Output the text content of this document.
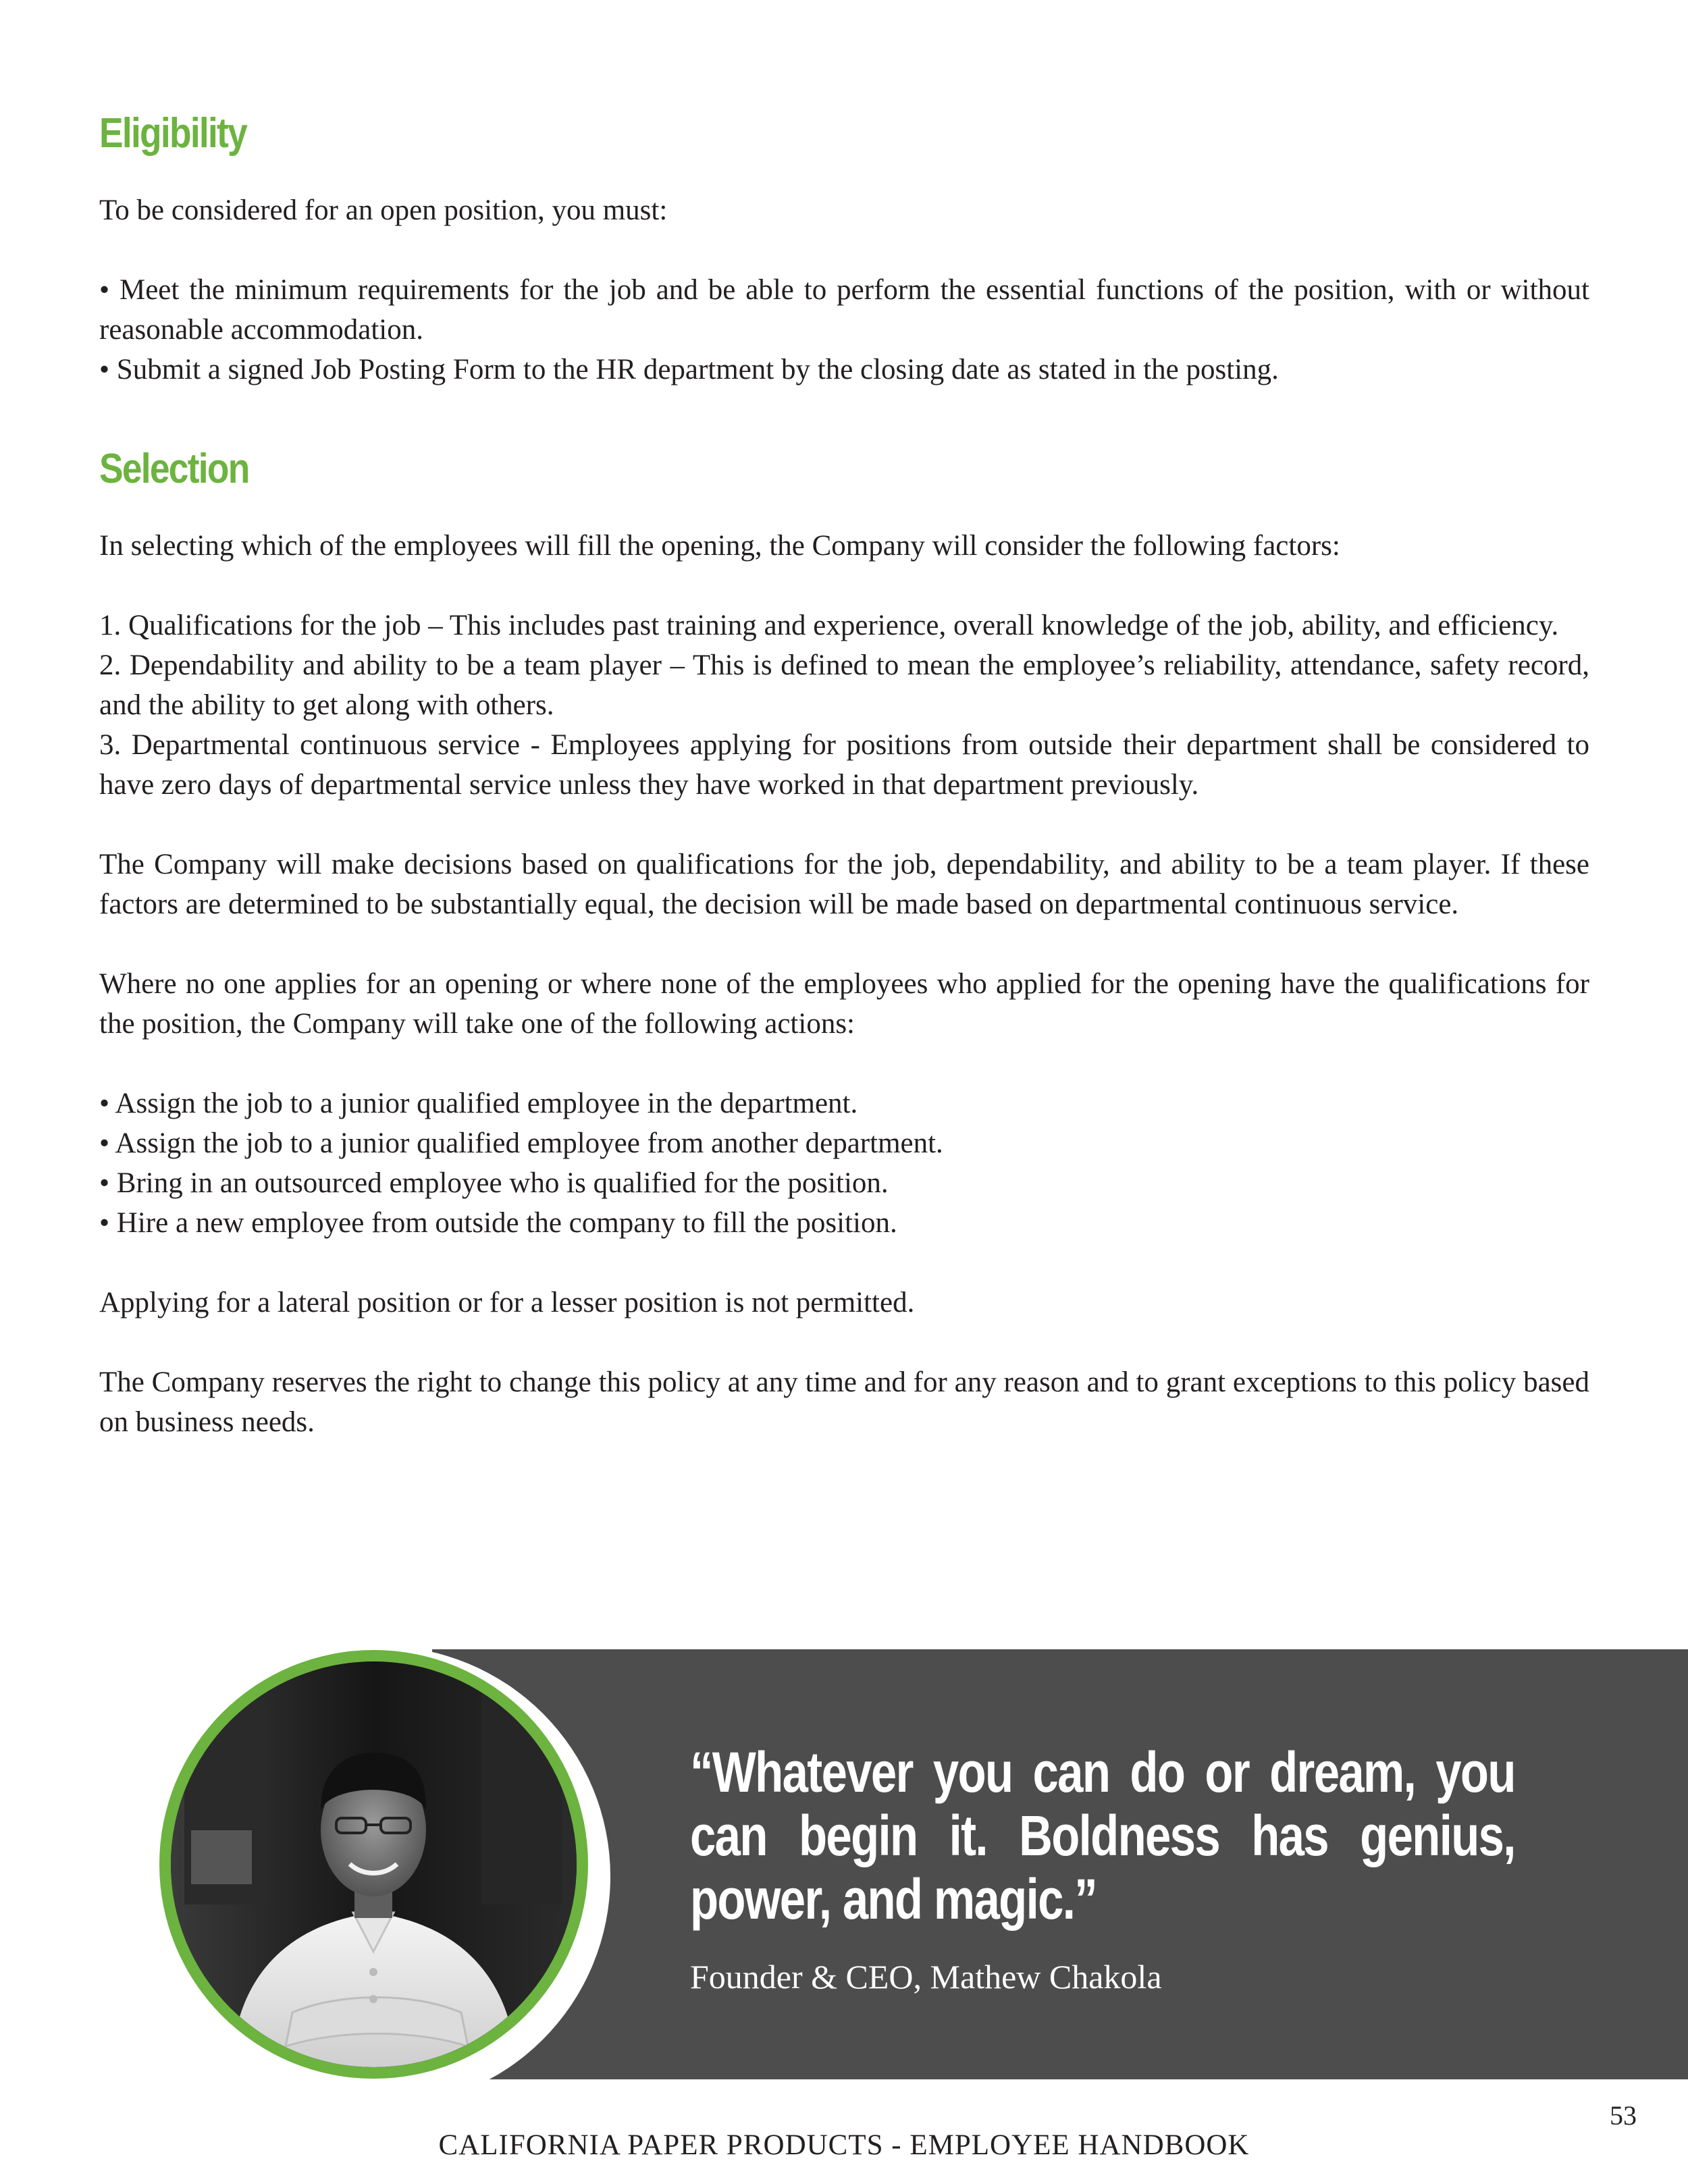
Eligibility

To be considered for an open position, you must:

• Meet the minimum requirements for the job and be able to perform the essential functions of the position, with or without reasonable accommodation.

• Submit a signed Job Posting Form to the HR department by the closing date as stated in the posting.

Selection

In selecting which of the employees will fill the opening, the Company will consider the following factors:

1. Qualifications for the job – This includes past training and experience, overall knowledge of the job, ability, and efficiency.

2. Dependability and ability to be a team player – This is defined to mean the employee’s reliability, attendance, safety record, and the ability to get along with others.

3. Departmental continuous service - Employees applying for positions from outside their department shall be considered to have zero days of departmental service unless they have worked in that department previously.

The Company will make decisions based on qualifications for the job, dependability, and ability to be a team player. If these factors are determined to be substantially equal, the decision will be made based on departmental continuous service.

Where no one applies for an opening or where none of the employees who applied for the opening have the qualifications for the position, the Company will take one of the following actions:

• Assign the job to a junior qualified employee in the department.

• Assign the job to a junior qualified employee from another department.

• Bring in an outsourced employee who is qualified for the position.

• Hire a new employee from outside the company to fill the position.

Applying for a lateral position or for a lesser position is not permitted.

The Company reserves the right to change this policy at any time and for any reason and to grant exceptions to this policy based on business needs.

“Whatever you can do or dream, you can begin it. Boldness has genius, power, and magic.”

Founder & CEO, Mathew Chakola
53
CALIFORNIA PAPER PRODUCTS - EMPLOYEE HANDBOOK
